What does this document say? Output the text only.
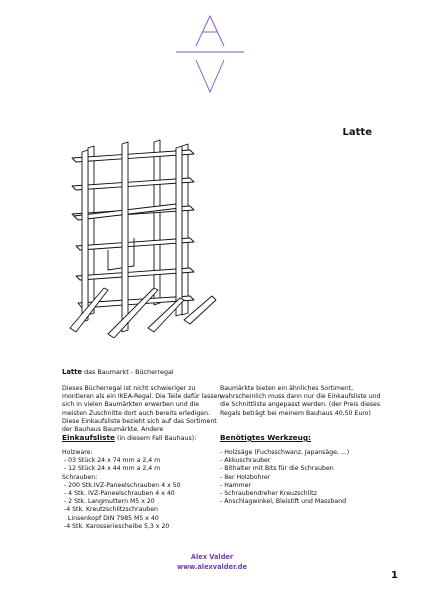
Latte
Latte das Baumarkt - Bücherregal
Dieses Bücherregal ist nicht schwieriger zu montieren als ein IKEA-Regal. Die Teile dafür lassen sich in vielen Baumärkten erwerben und die meisten Zuschnitte dort auch bereits erledigen. Diese Einkaufsliste bezieht sich auf das Sortiment der Bauhaus Baumärkte. Andere
Baumärkte bieten ein ähnliches Sortiment, wahrscheinlich muss dann nur die Einkaufsliste und die Schnittliste angepasst werden. (der Preis dieses Regals beträgt bei meinem Bauhaus 40,50 Euro)
Einkaufsliste (in diesem Fall Bauhaus):	Benötigtes Werkzeug:
Holzware:
- 03 Stück 24 x 74 mm a 2,4 m
- 12 Stück 24 x 44 mm a 2,4 m
Schrauben:
- 200 Stk.IVZ-Paneelschrauben 4 x 50
- 4 Stk. IVZ-Paneelschrauben 4 x 40
- 2 Stk. Langmuttern M5 x 20
-4 Stk. Kreutzschlitzschrauben
Linsenkopf DIN 7985 M5 x 40
-4 Stk. Karosseriescheibe 5,3 x 20
- Holzsäge (Fuchsschwanz, Japansäge, ...)
- Akkuschrauber
- Bithalter mit Bits für die Schrauben
- 8er Holzbohrer
- Hammer
- Schraubendreher Kreuzschlitz
- Anschlagwinkel, Bleistift und Massband
Alex Valder
www.alexvalder.de
1
